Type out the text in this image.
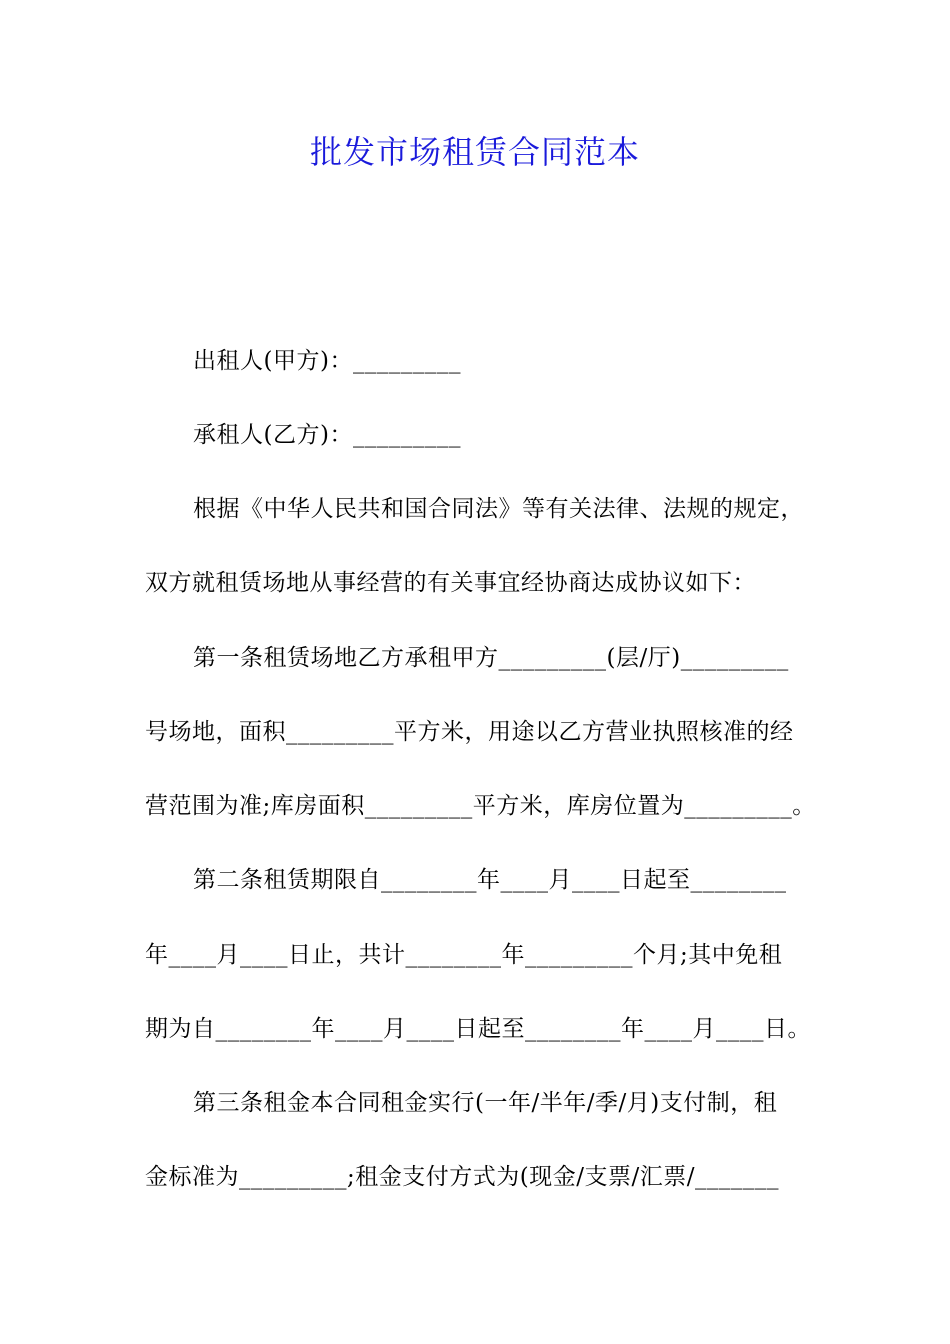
批发市场租赁合同范本
出租人(甲方)：_________
承租人(乙方)：_________
根据《中华人民共和国合同法》等有关法律、法规的规定，
双方就租赁场地从事经营的有关事宜经协商达成协议如下：
第一条租赁场地乙方承租甲方_________(层/厅)_________
号场地，面积_________平方米，用途以乙方营业执照核准的经
营范围为准;库房面积_________平方米，库房位置为_________。
第二条租赁期限自________年____月____日起至________
年____月____日止，共计________年_________个月;其中免租
期为自________年____月____日起至________年____月____日。
第三条租金本合同租金实行(一年/半年/季/月)支付制，租
金标准为_________;租金支付方式为(现金/支票/汇票/_______
